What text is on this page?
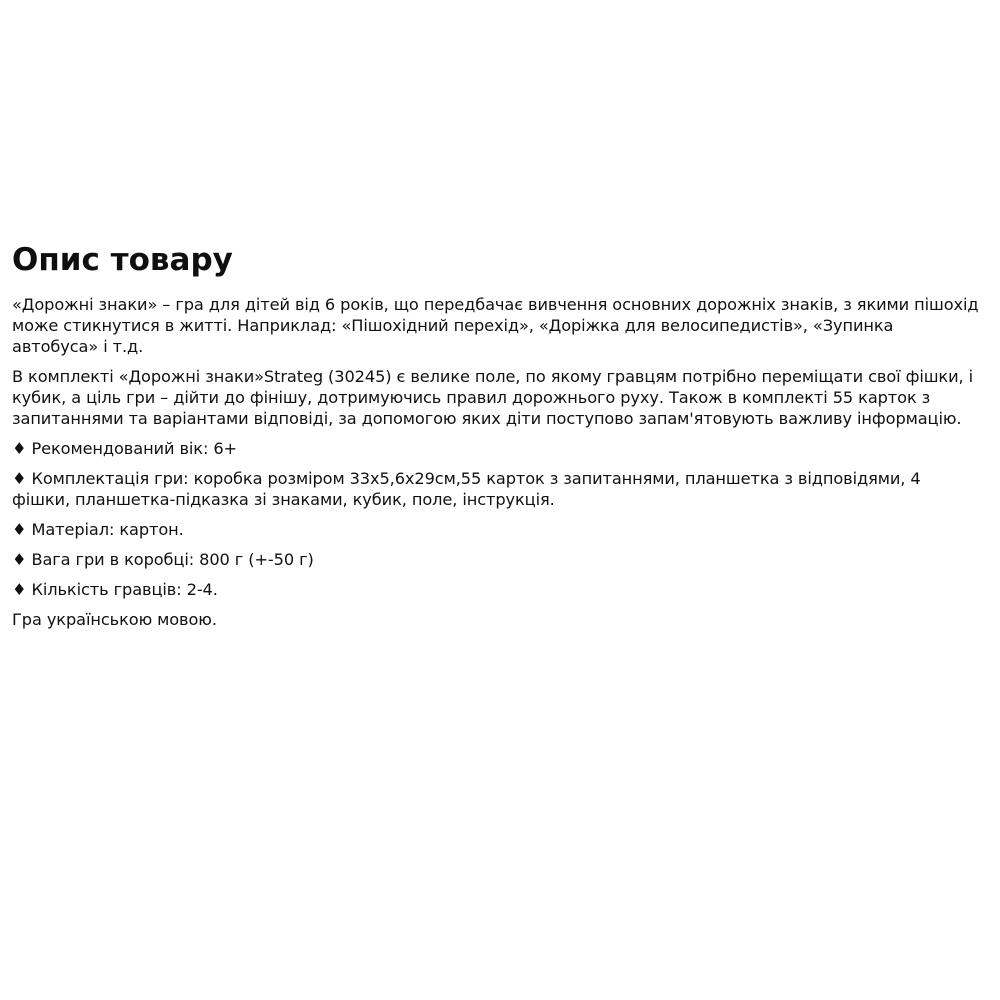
Опис товару

«Дорожні знаки» – гра для дітей від 6 років, що передбачає вивчення основних дорожніх знаків, з якими пішохід може стикнутися в житті. Наприклад: «Пішохідний перехід», «Доріжка для велосипедистів», «Зупинка автобуса» і т.д.

В комплекті «Дорожні знаки»Strateg (30245) є велике поле, по якому гравцям потрібно переміщати свої фішки, і кубик, а ціль гри – дійти до фінішу, дотримуючись правил дорожнього руху. Також в комплекті 55 карток з запитаннями та варіантами відповіді, за допомогою яких діти поступово запам'ятовують важливу інформацію.

♦ Рекомендований вік: 6+

♦ Комплектація гри: коробка розміром 33х5,6х29см,55 карток з запитаннями, планшетка з відповідями, 4 фішки, планшетка-підказка зі знаками, кубик, поле, інструкція.

♦ Матеріал: картон.

♦ Вага гри в коробці: 800 г (+-50 г)

♦ Кількість гравців: 2-4.

Гра українською мовою.
